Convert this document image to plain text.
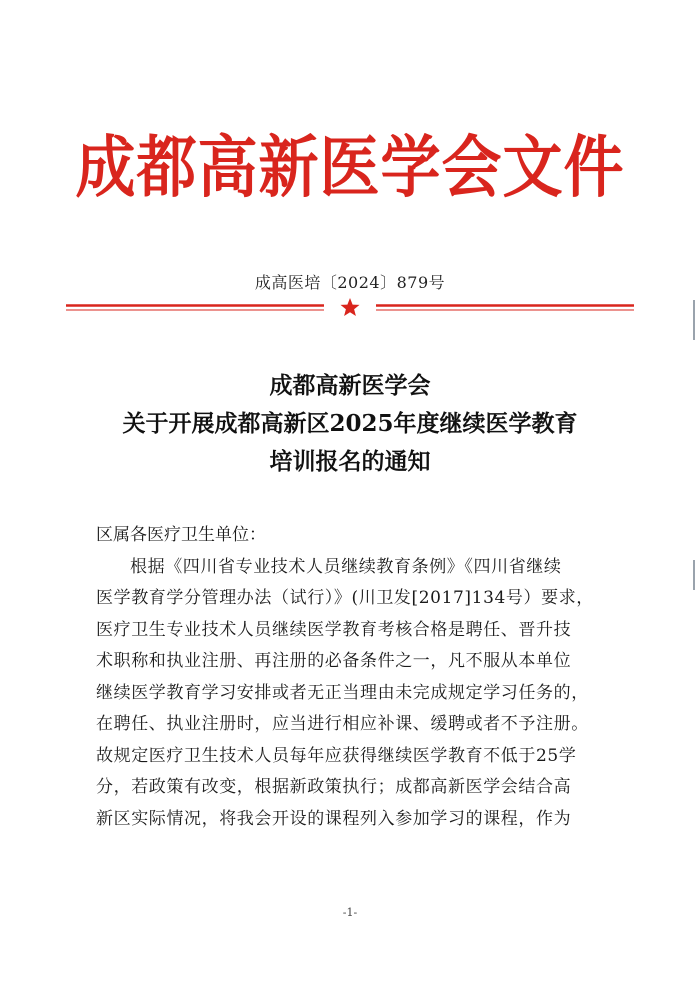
成都高新医学会文件
成高医培〔2024〕879号
成都高新医学会
关于开展成都高新区2025年度继续医学教育
培训报名的通知
区属各医疗卫生单位：
根据《四川省专业技术人员继续教育条例》《四川省继续
医学教育学分管理办法（试行）》(川卫发[2017]134号）要求，
医疗卫生专业技术人员继续医学教育考核合格是聘任、晋升技
术职称和执业注册、再注册的必备条件之一，凡不服从本单位
继续医学教育学习安排或者无正当理由未完成规定学习任务的，
在聘任、执业注册时，应当进行相应补课、缓聘或者不予注册。
故规定医疗卫生技术人员每年应获得继续医学教育不低于25学
分，若政策有改变，根据新政策执行；成都高新医学会结合高
新区实际情况，将我会开设的课程列入参加学习的课程，作为
-1-
